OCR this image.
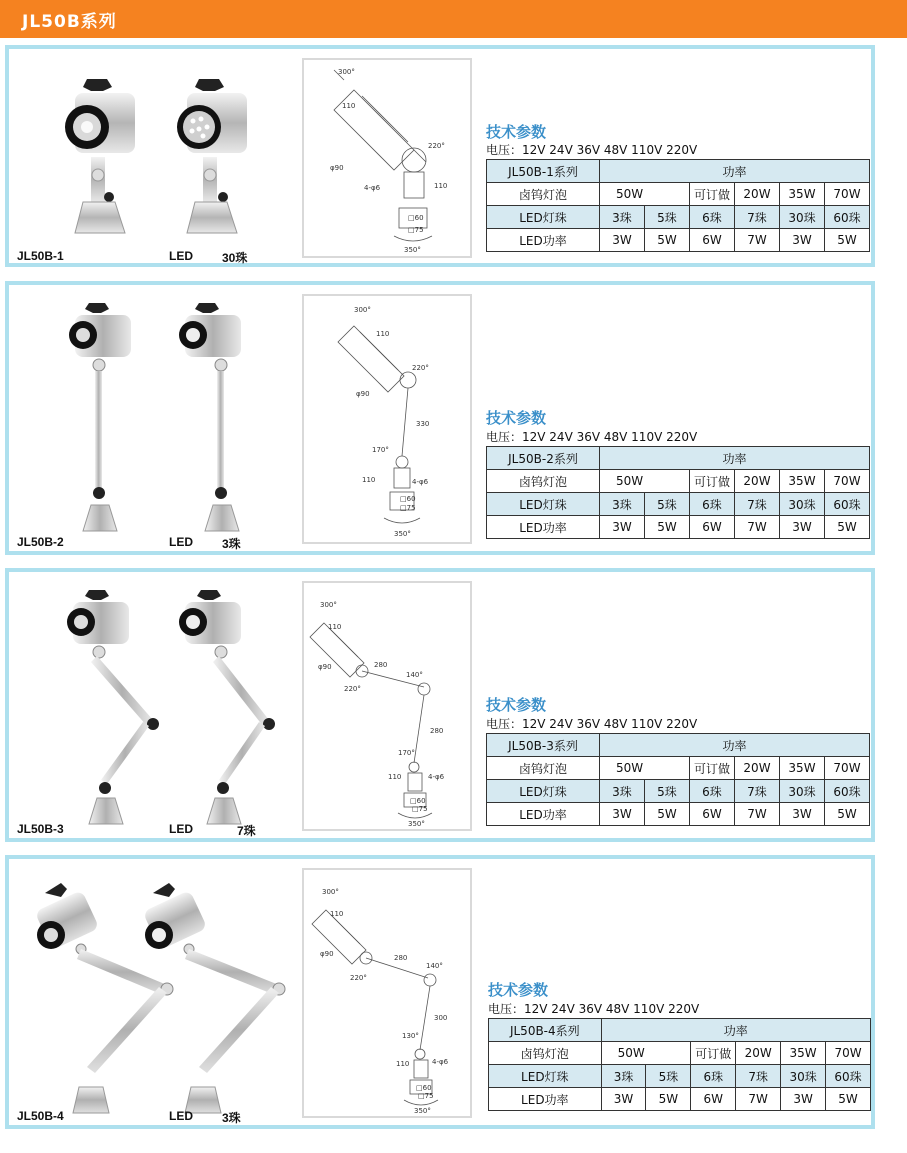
JL50B系列
JL50B-1	LED 30珠
300°
110
220°
φ90
4-φ6	110
□60
□75
350°
技术参数
电压：12V 24V 36V 48V 110V 220V
JL50B-1系列	功率					
卤钨灯泡	50W		可订做	20W	35W	70W
LED灯珠	3珠	5珠	6珠	7珠	30珠	60珠
LED功率	3W	5W	6W	7W	3W	5W
JL50B-2	LED 3珠
300°
110
220°
φ90
330
170°
110	4-φ6
□60
□75
350°
技术参数
电压：12V 24V 36V 48V 110V 220V
JL50B-2系列	功率					
卤钨灯泡	50W		可订做	20W	35W	70W
LED灯珠	3珠	5珠	6珠	7珠	30珠	60珠
LED功率	3W	5W	6W	7W	3W	5W
JL50B-3	LED	7珠
300°
110
φ90
220°
280
140°
280
170°
110	4-φ6
□60
□75
350°
技术参数
电压：12V 24V 36V 48V 110V 220V
JL50B-3系列	功率					
卤钨灯泡	50W		可订做	20W	35W	70W
LED灯珠	3珠	5珠	6珠	7珠	30珠	60珠
LED功率	3W	5W	6W	7W	3W	5W
JL50B-4	LED 3珠
300°
110
φ90
220°
280
140°
300
130°
110	4-φ6
□60
□75
350°
技术参数
电压：12V 24V 36V 48V 110V 220V
JL50B-4系列	功率					
卤钨灯泡	50W		可订做	20W	35W	70W
LED灯珠	3珠	5珠	6珠	7珠	30珠	60珠
LED功率	3W	5W	6W	7W	3W	5W
